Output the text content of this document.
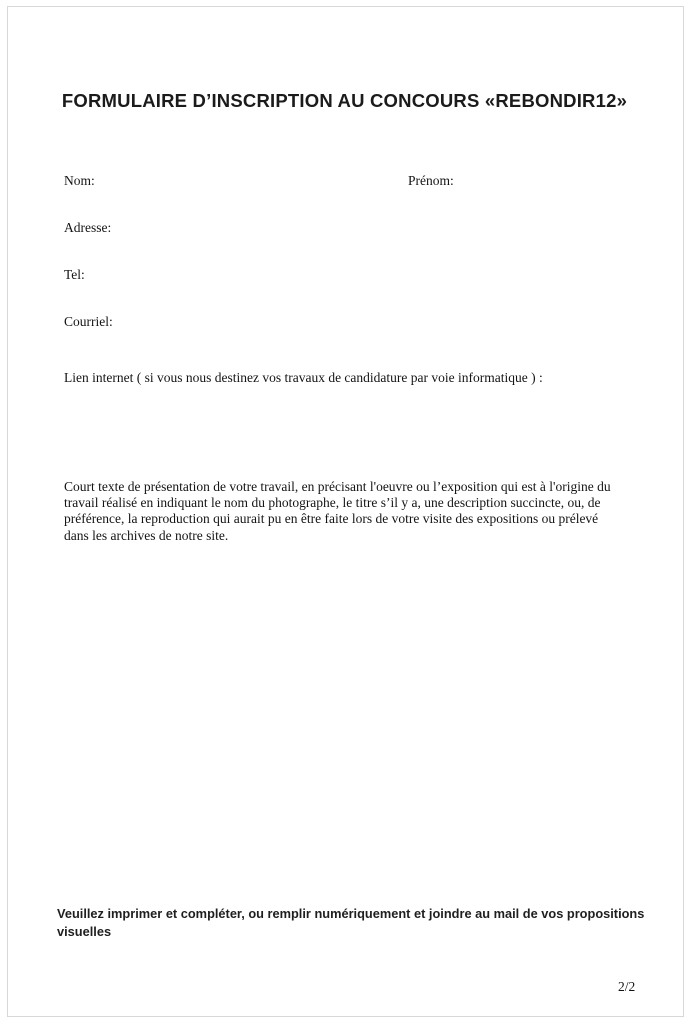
FORMULAIRE D’INSCRIPTION AU CONCOURS «REBONDIR12»
Nom:	Prénom:
Adresse:
Tel:
Courriel:
Lien internet ( si vous nous destinez vos travaux de candidature par voie informatique ) :
Court texte de présentation de votre travail, en précisant l'oeuvre ou l’exposition qui est à l'origine du
travail réalisé en indiquant le nom du photographe, le titre s’il y a, une description succincte, ou, de
préférence, la reproduction qui aurait pu en être faite lors de votre visite des expositions ou prélevé
dans les archives de notre site.
Veuillez imprimer et compléter, ou remplir numériquement et joindre au mail de vos propositions
visuelles
2/2
